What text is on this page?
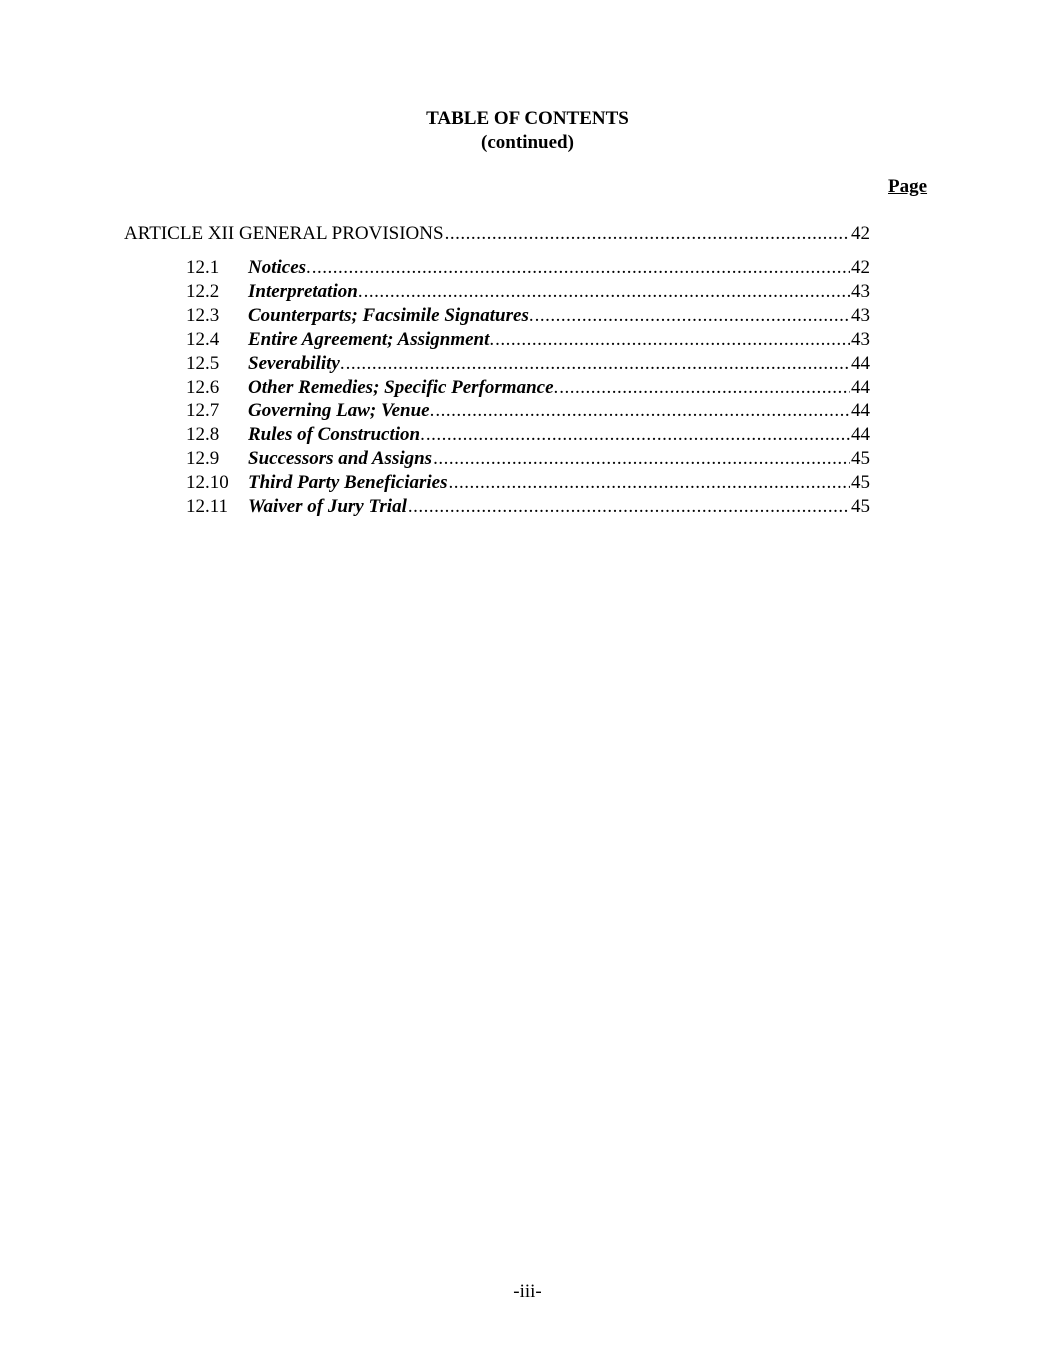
TABLE OF CONTENTS
(continued)
Page
ARTICLE XII GENERAL PROVISIONS .....	42
12.1	Notices . .....	42
12.2	Interpretation . .....	43
12.3	Counterparts; Facsimile Signatures . .....	43
12.4	Entire Agreement; Assignment . .....	43
12.5	Severability . .....	44
12.6	Other Remedies; Specific Performance . .....	44
12.7	Governing Law; Venue . .....	44
12.8	Rules of Construction . .....	44
12.9	Successors and Assigns .....	45
12.10	Third Party Beneficiaries .....	45
12.11	Waiver of Jury Trial .....	45
-iii-
